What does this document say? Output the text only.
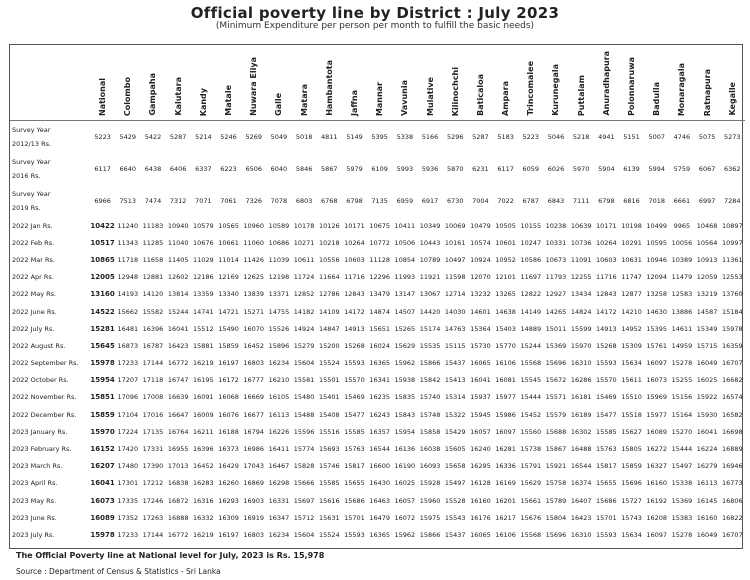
Official poverty line by District : July 2023
(Minimum Expenditure per person per month to fulfill the basic needs)
	National	Colombo	Gampaha	Kalutara	Kandy	Matale	Nuwara Eliya	Galle	Matara	Hambantota	Jaffna	Mannar	Vavunia	Mulative	Kilinochchi	Baticaloa	Ampara	Trincomalee	Kurunegala	Puttalam	Anuradhapura	Polonnaruwa	Badulla	Monaragala	Ratnapura	Kegalle

Survey Year
2012/13 Rs.	5223	5429	5422	5287	5214	5246	5269	5049	5018	4811	5149	5395	5338	5166	5296	5287	5183	5223	5046	5218	4941	5151	5007	4746	5075	5273

Survey Year
2016 Rs.	6117	6640	6438	6406	6337	6223	6506	6040	5846	5867	5979	6109	5993	5936	5870	6231	6117	6059	6026	5970	5904	6139	5994	5759	6067	6362

Survey Year
2019 Rs.	6966	7513	7474	7312	7071	7061	7326	7078	6803	6768	6798	7135	6959	6917	6730	7004	7022	6787	6843	7111	6798	6816	7018	6661	6997	7284
2022 Jan Rs.	10422	11240	11183	10940	10579	10565	10960	10589	10178	10126	10171	10675	10411	10349	10069	10479	10505	10155	10238	10639	10171	10198	10499	9965	10468	10897
2022 Feb Rs.	10517	11343	11285	11040	10676	10661	11060	10686	10271	10218	10264	10772	10506	10443	10161	10574	10601	10247	10331	10736	10264	10291	10595	10056	10564	10997
2022 Mar Rs.	10865	11718	11658	11405	11029	11014	11426	11039	10611	10556	10603	11128	10854	10789	10497	10924	10952	10586	10673	11091	10603	10631	10946	10389	10913	11361
2022 Apr Rs.	12005	12948	12881	12602	12186	12169	12625	12198	11724	11664	11716	12296	11993	11921	11598	12070	12101	11697	11793	12255	11716	11747	12094	11479	12059	12553
2022 May Rs.	13160	14193	14120	13814	13359	13340	13839	13371	12852	12786	12843	13479	13147	13067	12714	13232	13265	12822	12927	13434	12843	12877	13258	12583	13219	13760
2022 June Rs.	14522	15662	15582	15244	14741	14721	15271	14755	14182	14109	14172	14874	14507	14420	14030	14601	14638	14149	14265	14824	14172	14210	14630	13886	14587	15184
2022 July Rs.	15281	16481	16396	16041	15512	15490	16070	15526	14924	14847	14913	15651	15265	15174	14763	15364	15403	14889	15011	15599	14913	14952	15395	14611	15349	15978
2022 August Rs.	15645	16873	16787	16423	15881	15859	16452	15896	15279	15200	15268	16024	15629	15535	15115	15730	15770	15244	15369	15970	15268	15309	15761	14959	15715	16359
2022 September Rs.	15978	17233	17144	16772	16219	16197	16803	16234	15604	15524	15593	16365	15962	15866	15437	16065	16106	15568	15696	16310	15593	15634	16097	15278	16049	16707
2022 October Rs.	15954	17207	17118	16747	16195	16172	16777	16210	15581	15501	15570	16341	15938	15842	15413	16041	16081	15545	15672	16286	15570	15611	16073	15255	16025	16682
2022 November Rs.	15851	17096	17008	16639	16091	16068	16669	16105	15480	15401	15469	16235	15835	15740	15314	15937	15977	15444	15571	16181	15469	15510	15969	15156	15922	16574
2022 December Rs.	15859	17104	17016	16647	16009	16076	16677	16113	15488	15408	15477	16243	15843	15748	15322	15945	15986	15452	15579	16189	15477	15518	15977	15164	15930	16582
2023 January Rs.	15970	17224	17135	16764	16211	16188	16794	16226	15596	15516	15585	16357	15954	15858	15429	16057	16097	15560	15688	16302	15585	15627	16089	15270	16041	16698
2023 February Rs.	16152	17420	17331	16955	16396	16373	16986	16411	15774	15693	15763	16544	16136	16038	15605	16240	16281	15738	15867	16488	15763	15805	16272	15444	16224	16889
2023 March Rs.	16207	17480	17390	17013	16452	16429	17043	16467	15828	15746	15817	16600	16190	16093	15658	16295	16336	15791	15921	16544	15817	15859	16327	15497	16279	16946
2023 April Rs.	16041	17301	17212	16838	16283	16260	16869	16298	15666	15585	15655	16430	16025	15928	15497	16128	16169	15629	15758	16374	15655	15696	16160	15338	16113	16773
2023 May Rs.	16073	17335	17246	16872	16316	16293	16903	16331	15697	15616	15686	16463	16057	15960	15528	16160	16201	15661	15789	16407	15686	15727	16192	15369	16145	16806
2023 June Rs.	16089	17352	17263	16888	16332	16309	16919	16347	15712	15631	15701	16479	16072	15975	15543	16176	16217	15676	15804	16423	15701	15743	16208	15383	16160	16822
2023 July Rs.	15978	17233	17144	16772	16219	16197	16803	16234	15604	15524	15593	16365	15962	15866	15437	16065	16106	15568	15696	16310	15593	15634	16097	15278	16049	16707
The Official Poverty line at National level for July, 2023 is Rs. 15,978
Source : Department of Census & Statistics - Sri Lanka
